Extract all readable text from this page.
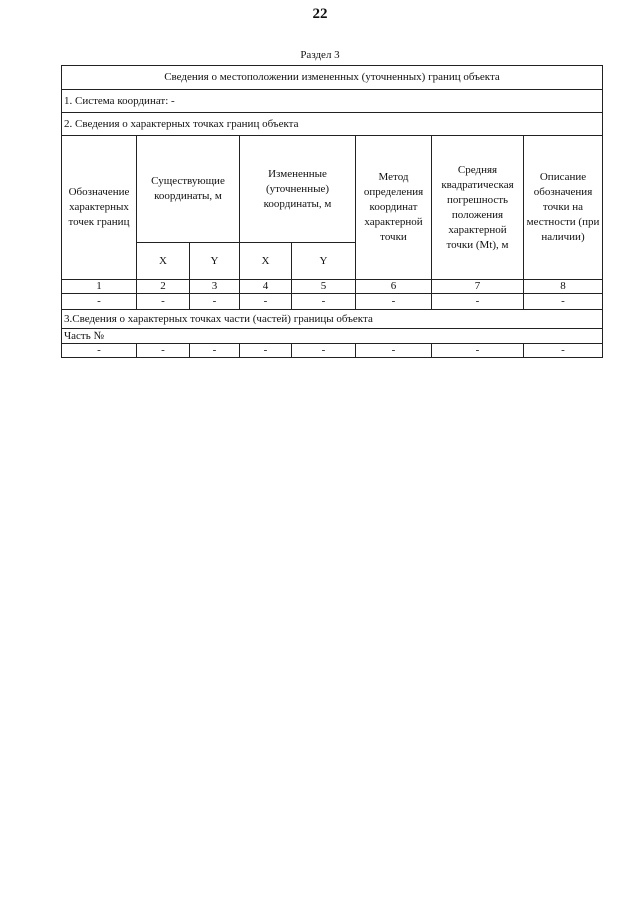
22
Раздел 3
Сведения о местоположении измененных (уточненных) границ объекта							
1. Система координат: -							
2. Сведения о характерных точках границ объекта							
Обозначение характерных точек границ	Существующие координаты, м		Измененные (уточненные) координаты, м		Метод определения координат характерной точки	Средняя квадратическая погрешность положения характерной точки (Mt), м	Описание обозначения точки на местности (при наличии)
	X	Y	X	Y			
1	2	3	4	5	6	7	8
-	-	-	-	-	-	-	-
3.Сведения о характерных точках части (частей) границы объекта							
Часть №							
-	-	-	-	-	-	-	-
